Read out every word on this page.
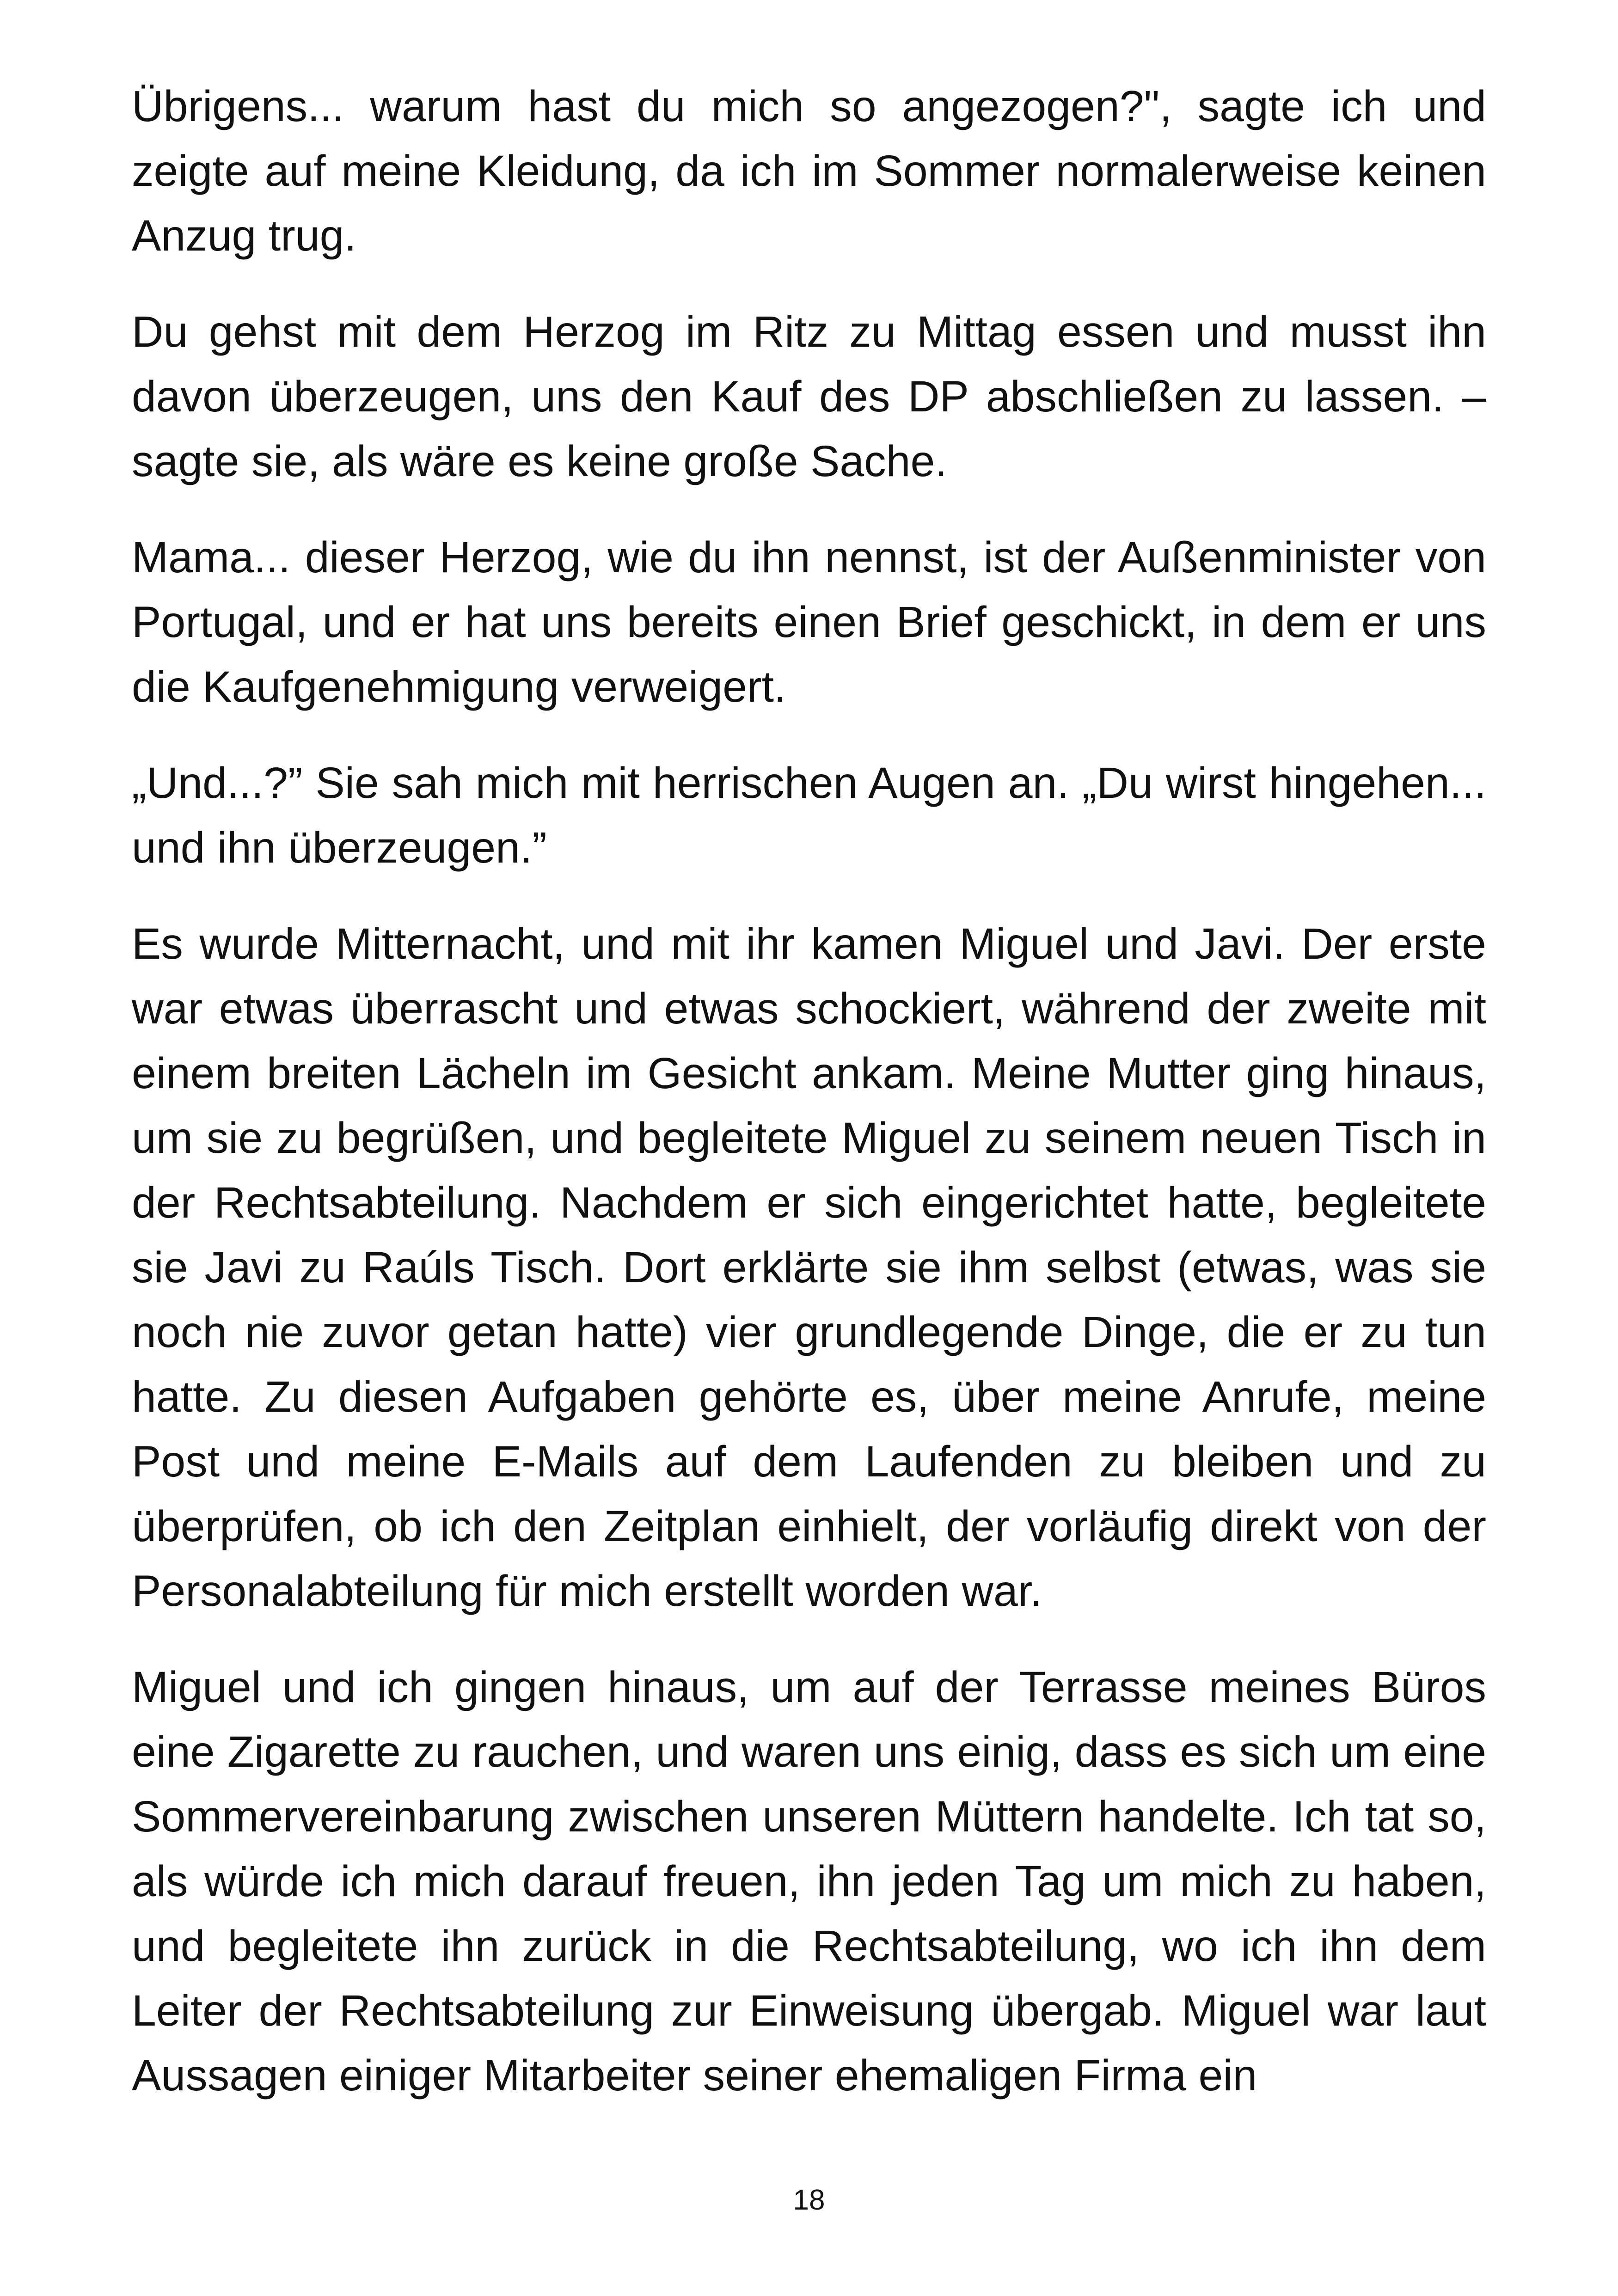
Übrigens... warum hast du mich so angezogen?", sagte ich und zeigte auf meine Kleidung, da ich im Sommer normalerweise keinen Anzug trug.

Du gehst mit dem Herzog im Ritz zu Mittag essen und musst ihn davon überzeugen, uns den Kauf des DP abschließen zu lassen. – sagte sie, als wäre es keine große Sache.

Mama... dieser Herzog, wie du ihn nennst, ist der Außenminister von Portugal, und er hat uns bereits einen Brief geschickt, in dem er uns die Kaufgenehmigung verweigert.

„Und...?” Sie sah mich mit herrischen Augen an. „Du wirst hingehen... und ihn überzeugen.”

Es wurde Mitternacht, und mit ihr kamen Miguel und Javi. Der erste war etwas überrascht und etwas schockiert, während der zweite mit einem breiten Lächeln im Gesicht ankam. Meine Mutter ging hinaus, um sie zu begrüßen, und begleitete Miguel zu seinem neuen Tisch in der Rechtsabteilung. Nachdem er sich eingerichtet hatte, begleitete sie Javi zu Raúls Tisch. Dort erklärte sie ihm selbst (etwas, was sie noch nie zuvor getan hatte) vier grundlegende Dinge, die er zu tun hatte. Zu diesen Aufgaben gehörte es, über meine Anrufe, meine Post und meine E-Mails auf dem Laufenden zu bleiben und zu überprüfen, ob ich den Zeitplan einhielt, der vorläufig direkt von der Personalabteilung für mich erstellt worden war.

Miguel und ich gingen hinaus, um auf der Terrasse meines Büros eine Zigarette zu rauchen, und waren uns einig, dass es sich um eine Sommervereinbarung zwischen unseren Müttern handelte. Ich tat so, als würde ich mich darauf freuen, ihn jeden Tag um mich zu haben, und begleitete ihn zurück in die Rechtsabteilung, wo ich ihn dem Leiter der Rechtsabteilung zur Einweisung übergab. Miguel war laut Aussagen einiger Mitarbeiter seiner ehemaligen Firma ein

18
